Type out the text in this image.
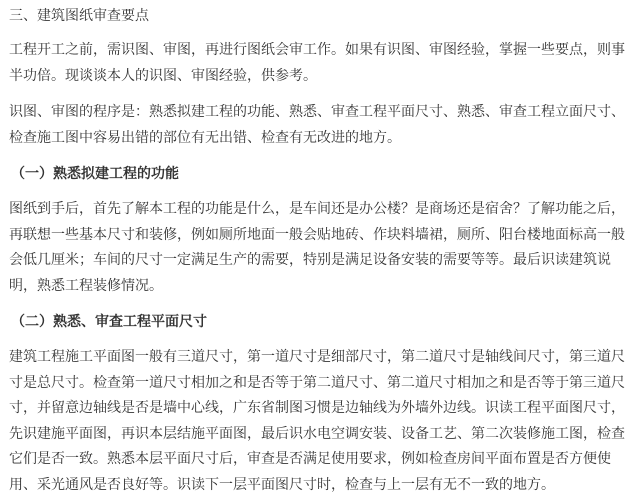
三、建筑图纸审查要点

工程开工之前，需识图、审图，再进行图纸会审工作。如果有识图、审图经验，掌握一些要点，则事半功倍。现谈谈本人的识图、审图经验，供参考。

识图、审图的程序是：熟悉拟建工程的功能、熟悉、审查工程平面尺寸、熟悉、审查工程立面尺寸、检查施工图中容易出错的部位有无出错、检查有无改进的地方。

（一）熟悉拟建工程的功能

图纸到手后，首先了解本工程的功能是什么，是车间还是办公楼？是商场还是宿舍？了解功能之后，再联想一些基本尺寸和装修，例如厕所地面一般会贴地砖、作块料墙裙，厕所、阳台楼地面标高一般会低几厘米；车间的尺寸一定满足生产的需要，特别是满足设备安装的需要等等。最后识读建筑说明，熟悉工程装修情况。

（二）熟悉、审查工程平面尺寸

建筑工程施工平面图一般有三道尺寸，第一道尺寸是细部尺寸，第二道尺寸是轴线间尺寸，第三道尺寸是总尺寸。检查第一道尺寸相加之和是否等于第二道尺寸、第二道尺寸相加之和是否等于第三道尺寸，并留意边轴线是否是墙中心线，广东省制图习惯是边轴线为外墙外边线。识读工程平面图尺寸，先识建施平面图，再识本层结施平面图，最后识水电空调安装、设备工艺、第二次装修施工图，检查它们是否一致。熟悉本层平面尺寸后，审查是否满足使用要求，例如检查房间平面布置是否方便使用、采光通风是否良好等。识读下一层平面图尺寸时，检查与上一层有无不一致的地方。
